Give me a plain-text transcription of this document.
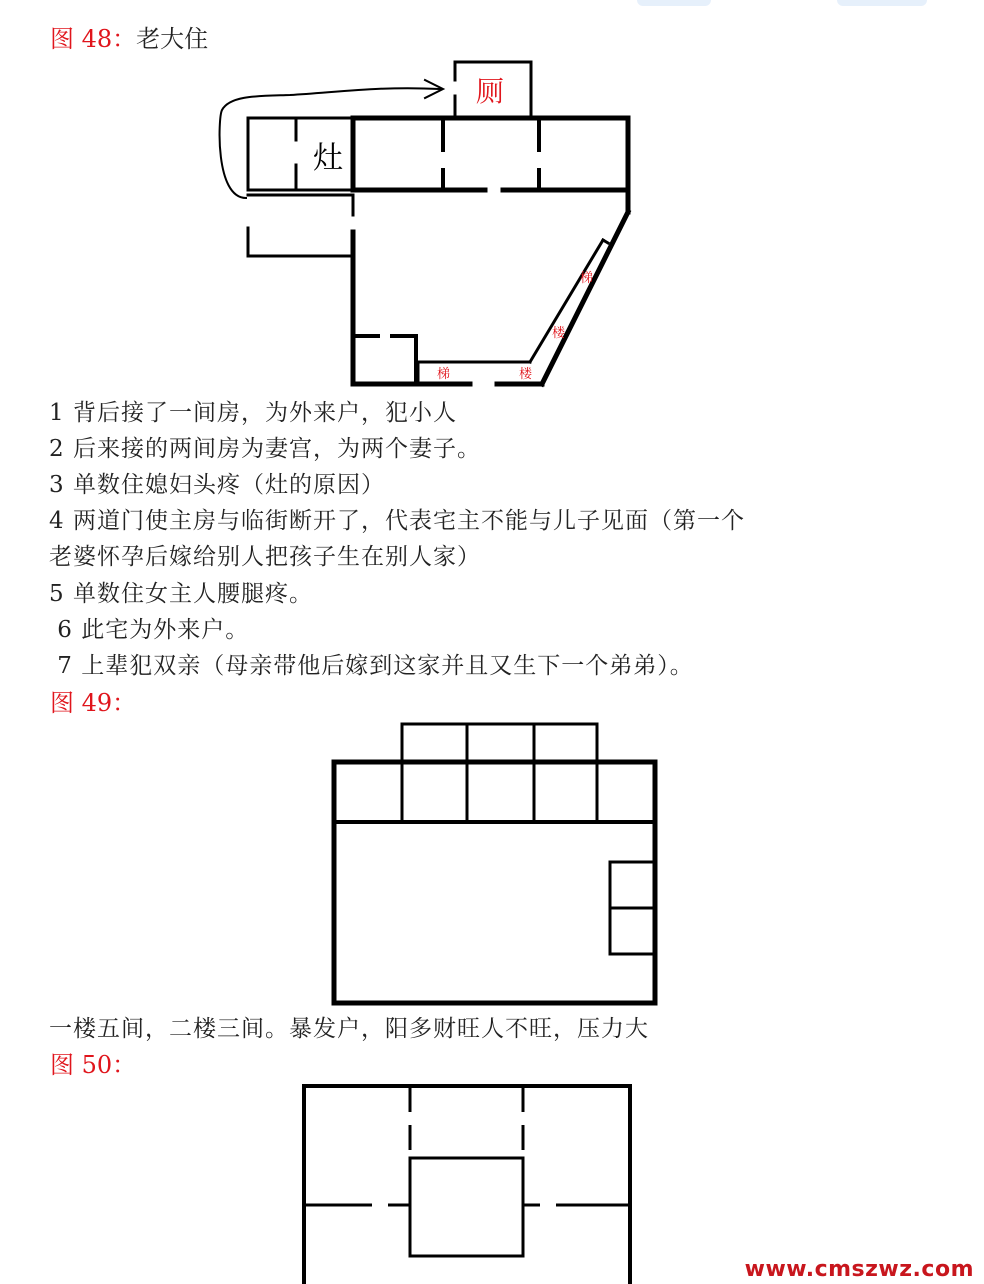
图 48：老大住
厕
灶
梯
楼
梯	楼
1 背后接了一间房，为外来户，犯小人
2 后来接的两间房为妻宫，为两个妻子。
3 单数住媳妇头疼（灶的原因）
4 两道门使主房与临街断开了，代表宅主不能与儿子见面（第一个
老婆怀孕后嫁给别人把孩子生在别人家）
5 单数住女主人腰腿疼。
6 此宅为外来户。
7 上辈犯双亲（母亲带他后嫁到这家并且又生下一个弟弟）。
图 49：
一楼五间，二楼三间。暴发户，阳多财旺人不旺，压力大
图 50：
www.cmszwz.com
